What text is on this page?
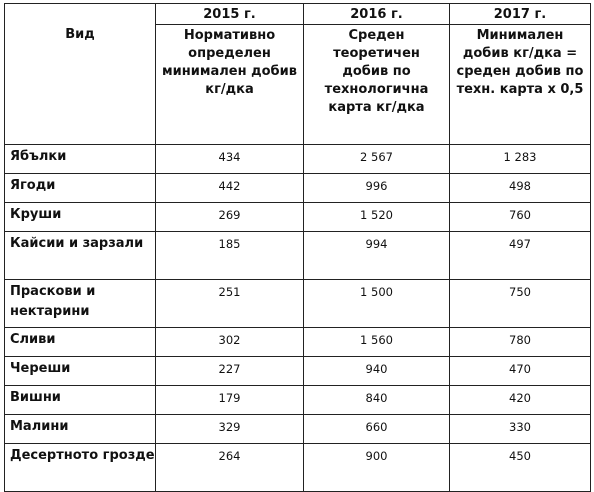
Вид	2015 г.	2016 г.	2017 г.
	Нормативно определен минимален добив кг/дка	Среден теоретичен добив по технологична карта кг/дка	Минимален добив кг/дка = среден добив по техн. карта х 0,5
Ябълки	434	2 567	1 283
Ягоди	442	996	498
Круши	269	1 520	760
Кайсии и зарзали	185	994	497
Праскови и нектарини	251	1 500	750
Сливи	302	1 560	780
Череши	227	940	470
Вишни	179	840	420
Малини	329	660	330
Десертното грозде	264	900	450
